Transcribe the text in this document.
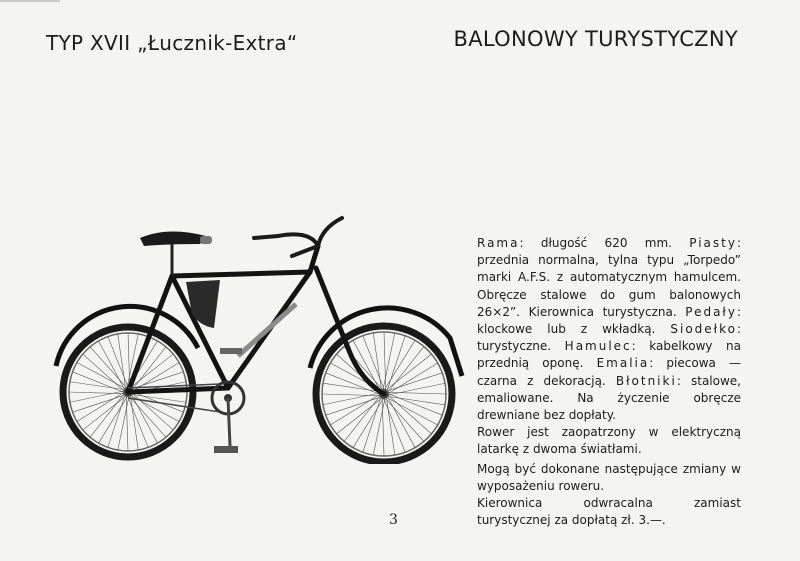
TYP XVII „Łucznik-Extra“	BALONOWY TURYSTYCZNY

Rama: długość 620 mm. Piasty: przednia normalna, tylna typu „Torpedo” marki A.F.S. z automatycznym hamulcem. Obręcze stalowe do gum balonowych 26×2”. Kierownica turystyczna. Pedały: klockowe lub z wkładką. Siodełko: turystyczne. Hamulec: kabelkowy na przednią oponę. Emalia: piecowa — czarna z dekoracją. Błotniki: stalowe, emaliowane. Na życzenie obręcze drewniane bez dopłaty.

Rower jest zaopatrzony w elektryczną latarkę z dwoma światłami.

Mogą być dokonane następujące zmiany w wyposażeniu roweru.

Kierownica odwracalna zamiast turystycznej za dopłatą zł. 3.—.

3
